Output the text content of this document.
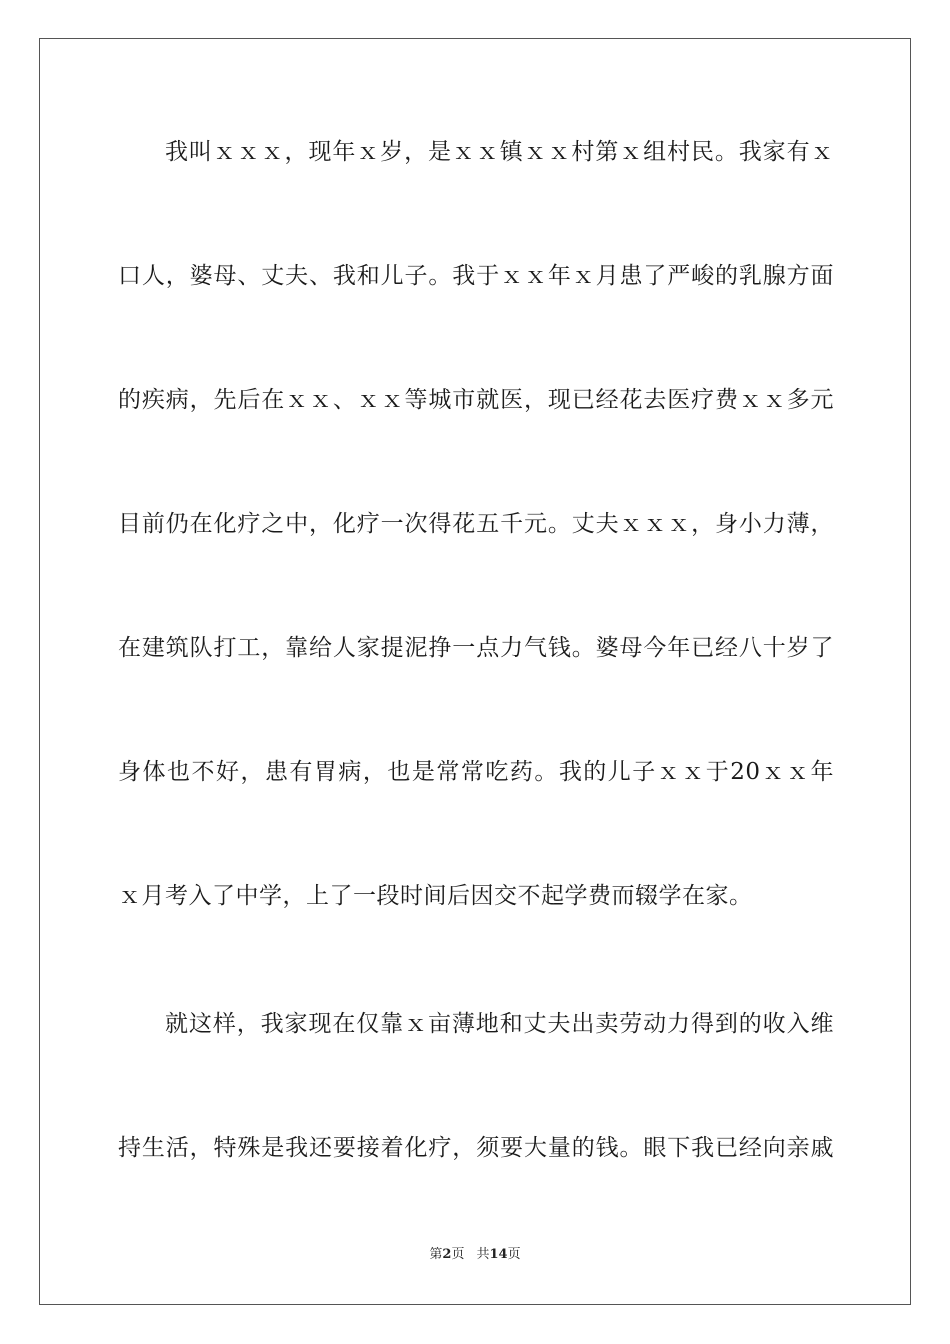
我叫ｘｘｘ，现年ｘ岁，是ｘｘ镇ｘｘ村第ｘ组村民。我家有ｘ
口人，婆母、丈夫、我和儿子。我于ｘｘ年ｘ月患了严峻的乳腺方面
的疾病，先后在ｘｘ、ｘｘ等城市就医，现已经花去医疗费ｘｘ多元
目前仍在化疗之中，化疗一次得花五千元。丈夫ｘｘｘ，身小力薄，
在建筑队打工，靠给人家提泥挣一点力气钱。婆母今年已经八十岁了
身体也不好，患有胃病，也是常常吃药。我的儿子ｘｘ于20ｘｘ年
ｘ月考入了中学，上了一段时间后因交不起学费而辍学在家。
就这样，我家现在仅靠ｘ亩薄地和丈夫出卖劳动力得到的收入维
持生活，特殊是我还要接着化疗，须要大量的钱。眼下我已经向亲戚
第2页 共14页
